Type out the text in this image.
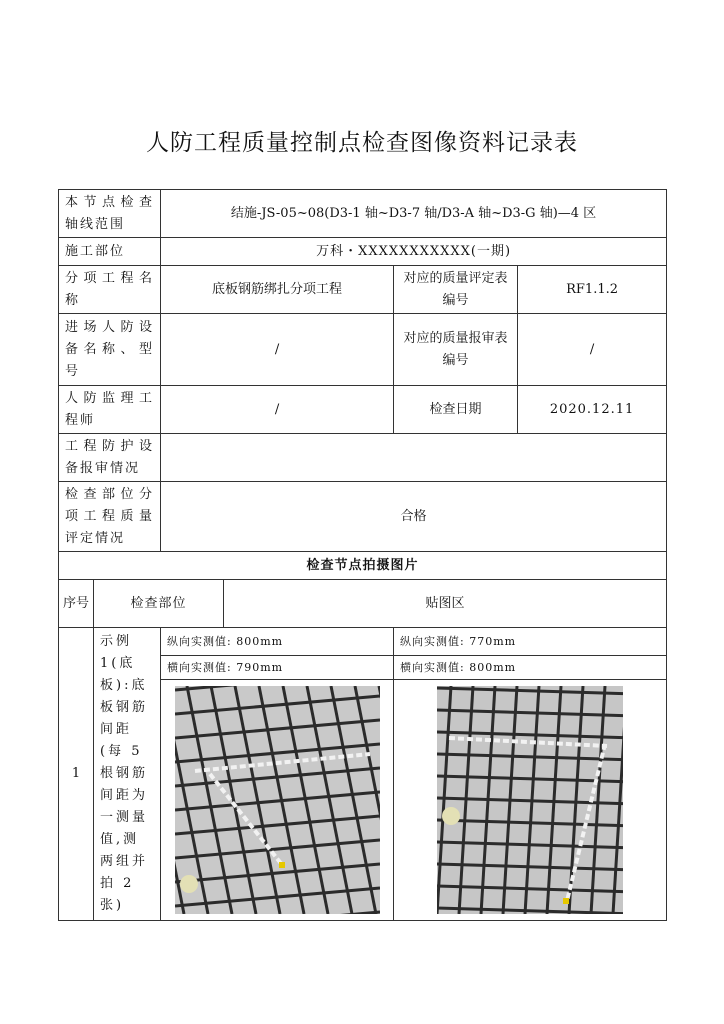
人防工程质量控制点检查图像资料记录表
本节点检查轴线范围		结施-JS-05~08(D3-1 轴~D3-7 轴/D3-A 轴~D3-G 轴)—4 区			
施工部位		万科・XXXXXXXXXXX(一期)			
分项工程名称		底板钢筋绑扎分项工程		对应的质量评定表编号	RF1.1.2
进场人防设备名称、型号		/		对应的质量报审表编号	/
人防监理工程师		/		检查日期	2020.12.11
工程防护设备报审情况					
检查部位分项工程质量评定情况		合格			
检查节点拍摄图片					
序号	检查部位		贴图区		
1	示例 1(底板):底板钢筋间距(每 5 根钢筋间距为一测量值,测两组并拍 2 张)	纵向实测值: 800mm		纵向实测值: 770mm	
		横向实测值: 790mm		横向实测值: 800mm	
